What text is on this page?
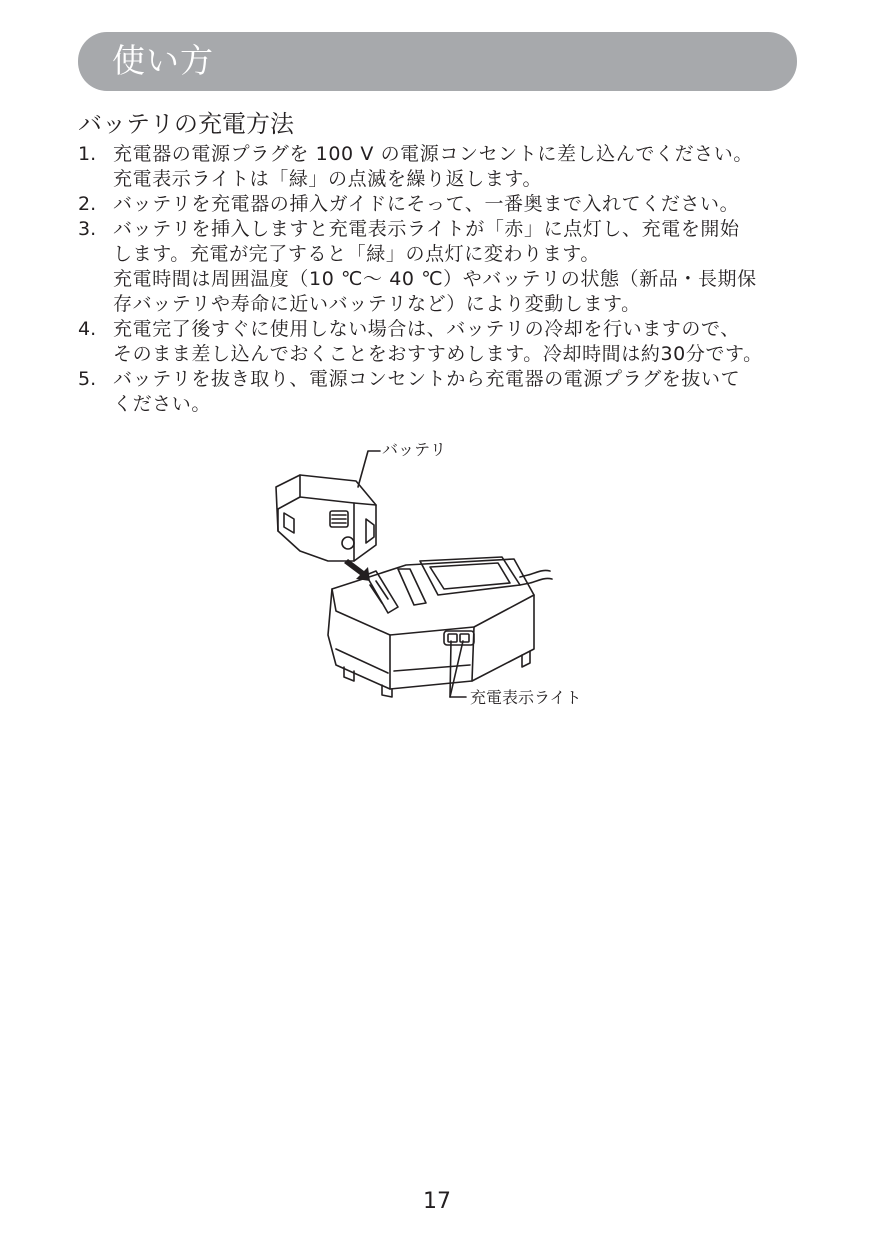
使い方
バッテリの充電方法
1. 充電器の電源プラグを 100 V の電源コンセントに差し込んでください。
充電表示ライトは「緑」の点滅を繰り返します。
2. バッテリを充電器の挿入ガイドにそって、一番奥まで入れてください。
3. バッテリを挿入しますと充電表示ライトが「赤」に点灯し、充電を開始
します。充電が完了すると「緑」の点灯に変わります。
充電時間は周囲温度（10 ℃～ 40 ℃）やバッテリの状態（新品・長期保
存バッテリや寿命に近いバッテリなど）により変動します。
4. 充電完了後すぐに使用しない場合は、バッテリの冷却を行いますので、
そのまま差し込んでおくことをおすすめします。冷却時間は約30分です。
5. バッテリを抜き取り、電源コンセントから充電器の電源プラグを抜いて
ください。
バッテリ
充電表示ライト
17
